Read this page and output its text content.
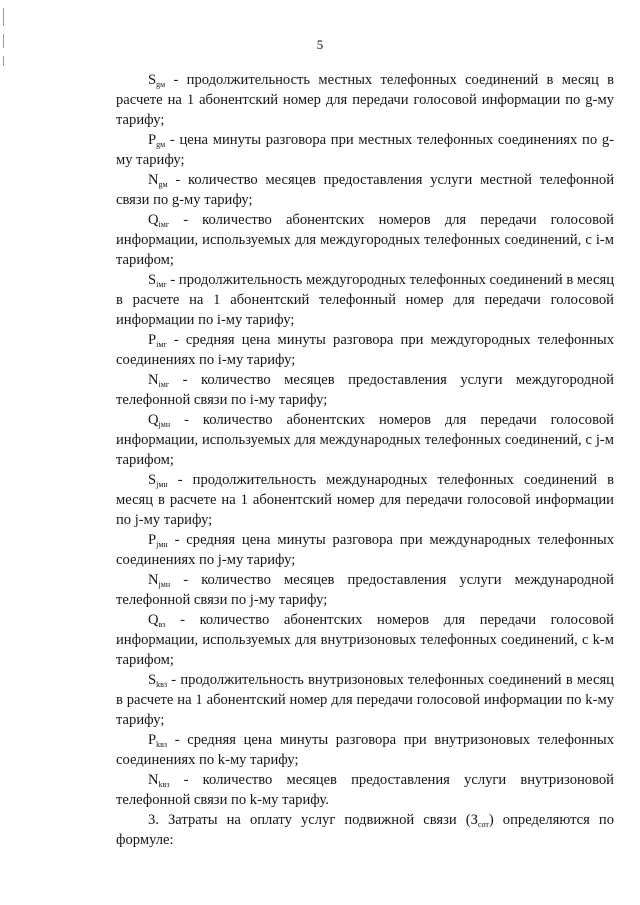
5

$S_{gм}$ - продолжительность местных телефонных соединений в месяц в расчете на 1 абонентский номер для передачи голосовой информации по g-му тарифу;

$P_{gм}$ - цена минуты разговора при местных телефонных соединениях по g-му тарифу;

$N_{gм}$ - количество месяцев предоставления услуги местной телефонной связи по g-му тарифу;

$Q_{iмг}$ - количество абонентских номеров для передачи голосовой информации, используемых для междугородных телефонных соединений, с i-м тарифом;

$S_{iмг}$ - продолжительность междугородных телефонных соединений в месяц в расчете на 1 абонентский телефонный номер для передачи голосовой информации по i-му тарифу;

$P_{iмг}$ - средняя цена минуты разговора при междугородных телефонных соединениях по i-му тарифу;

$N_{iмг}$ - количество месяцев предоставления услуги междугородной телефонной связи по i-му тарифу;

$Q_{jмн}$ - количество абонентских номеров для передачи голосовой информации, используемых для международных телефонных соединений, с j-м тарифом;

$S_{jмн}$ - продолжительность международных телефонных соединений в месяц в расчете на 1 абонентский номер для передачи голосовой информации по j-му тарифу;

$P_{jмн}$ - средняя цена минуты разговора при международных телефонных соединениях по j-му тарифу;

$N_{jмн}$ - количество месяцев предоставления услуги международной телефонной связи по j-му тарифу;

$Q_{вз}$ - количество абонентских номеров для передачи голосовой информации, используемых для внутризоновых телефонных соединений, с k-м тарифом;

$S_{kвз}$ - продолжительность внутризоновых телефонных соединений в месяц в расчете на 1 абонентский номер для передачи голосовой информации по k-му тарифу;

$P_{kвз}$ - средняя цена минуты разговора при внутризоновых телефонных соединениях по k-му тарифу;

$N_{kвз}$ - количество месяцев предоставления услуги внутризоновой телефонной связи по k-му тарифу.

3. Затраты на оплату услуг подвижной связи $(З_{сот})$ определяются по формуле:
